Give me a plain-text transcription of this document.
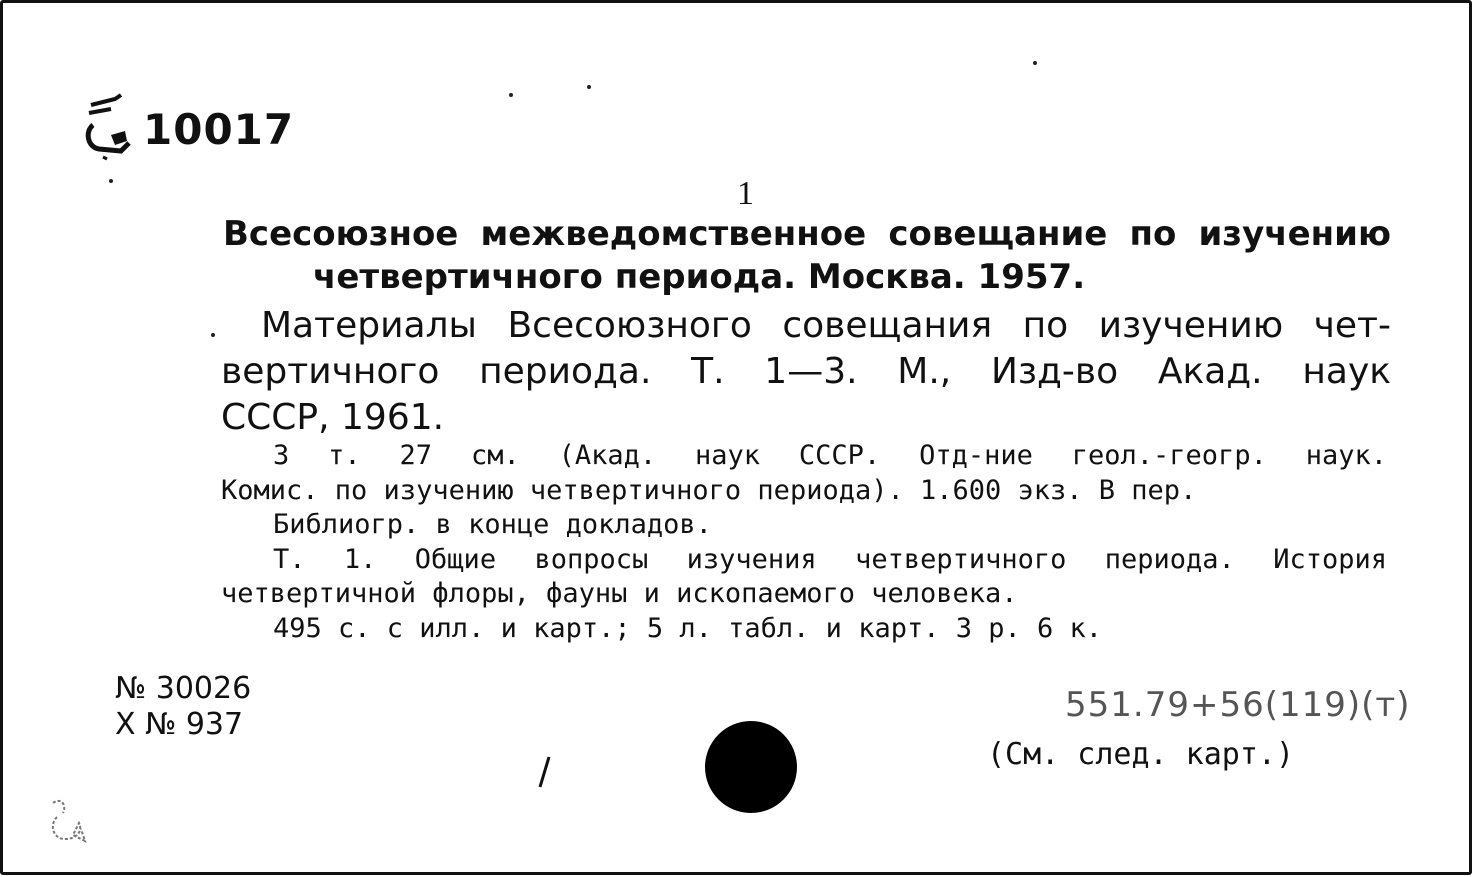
10017
1
Всесоюзное межведомственное совещание по изучению
четвертичного периода. Москва. 1957.
Материалы Всесоюзного совещания по изучению чет-
вертичного периода. Т. 1—3. М., Изд-во Акад. наук
СССР, 1961.
3 т. 27 см. (Акад. наук СССР. Отд-ние геол.-геогр. наук.
Комис. по изучению четвертичного периода). 1.600 экз. В пер.
Библиогр. в конце докладов.
Т. 1. Общие вопросы изучения четвертичного периода. История
четвертичной флоры, фауны и ископаемого человека.
495 с. с илл. и карт.; 5 л. табл. и карт. 3 р. 6 к.
№ 30026
Х № 937	551.79+56(119)(т)
(См. след. карт.)
